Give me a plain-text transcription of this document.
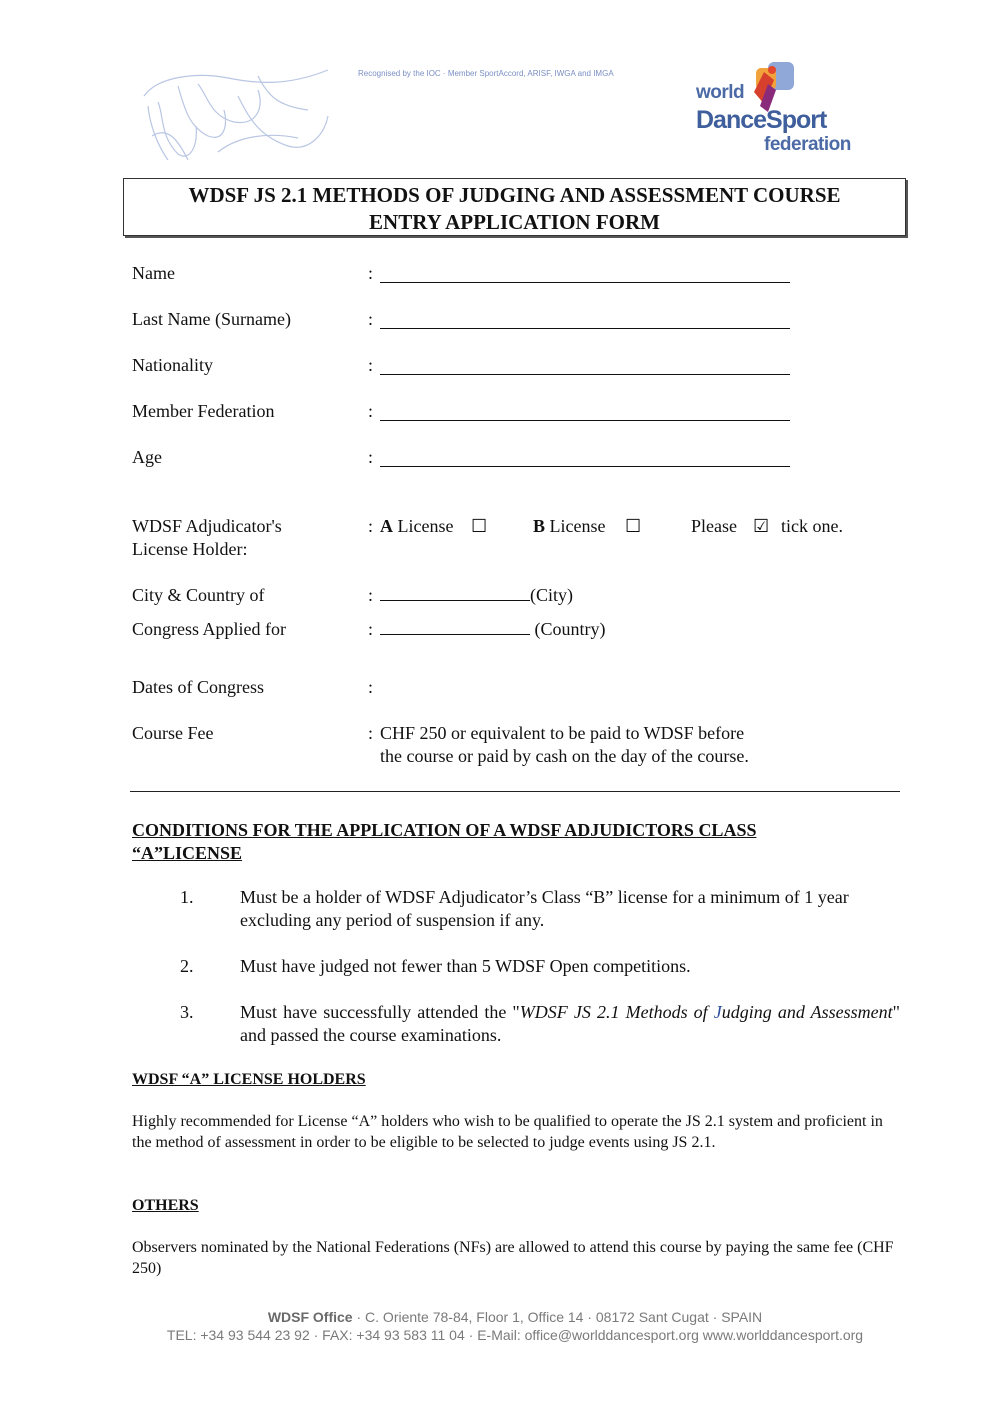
Recognised by the IOC · Member SportAccord, ARISF, IWGA and IMGA
world
DanceSport
federation
WDSF JS 2.1 METHODS OF JUDGING AND ASSESSMENT COURSE
ENTRY APPLICATION FORM
Name	:
Last Name (Surname)	:
Nationality	:
Member Federation	:
Age	:
WDSF Adjudicator's
License Holder:
: A License ☐	B License ☐	Please ☑ tick one.
City & Country of	:	(City)
Congress Applied for	:	(Country)
Dates of Congress	:
Course Fee	: CHF 250 or equivalent to be paid to WDSF before
the course or paid by cash on the day of the course.
CONDITIONS FOR THE APPLICATION OF A WDSF ADJUDICTORS CLASS
“A”LICENSE
1.	Must be a holder of WDSF Adjudicator’s Class “B” license for a minimum of 1 year excluding any period of suspension if any.
2.	Must have judged not fewer than 5 WDSF Open competitions.
3.	Must have successfully attended the "WDSF JS 2.1 Methods of Judging and Assessment" and passed the course examinations.
WDSF “A” LICENSE HOLDERS
Highly recommended for License “A” holders who wish to be qualified to operate the JS 2.1 system and proficient in the method of assessment in order to be eligible to be selected to judge events using JS 2.1.
OTHERS
Observers nominated by the National Federations (NFs) are allowed to attend this course by paying the same fee (CHF 250)
WDSF Office · C. Oriente 78-84, Floor 1, Office 14 · 08172 Sant Cugat · SPAIN
TEL: +34 93 544 23 92 · FAX: +34 93 583 11 04 · E-Mail: office@worlddancesport.org www.worlddancesport.org
